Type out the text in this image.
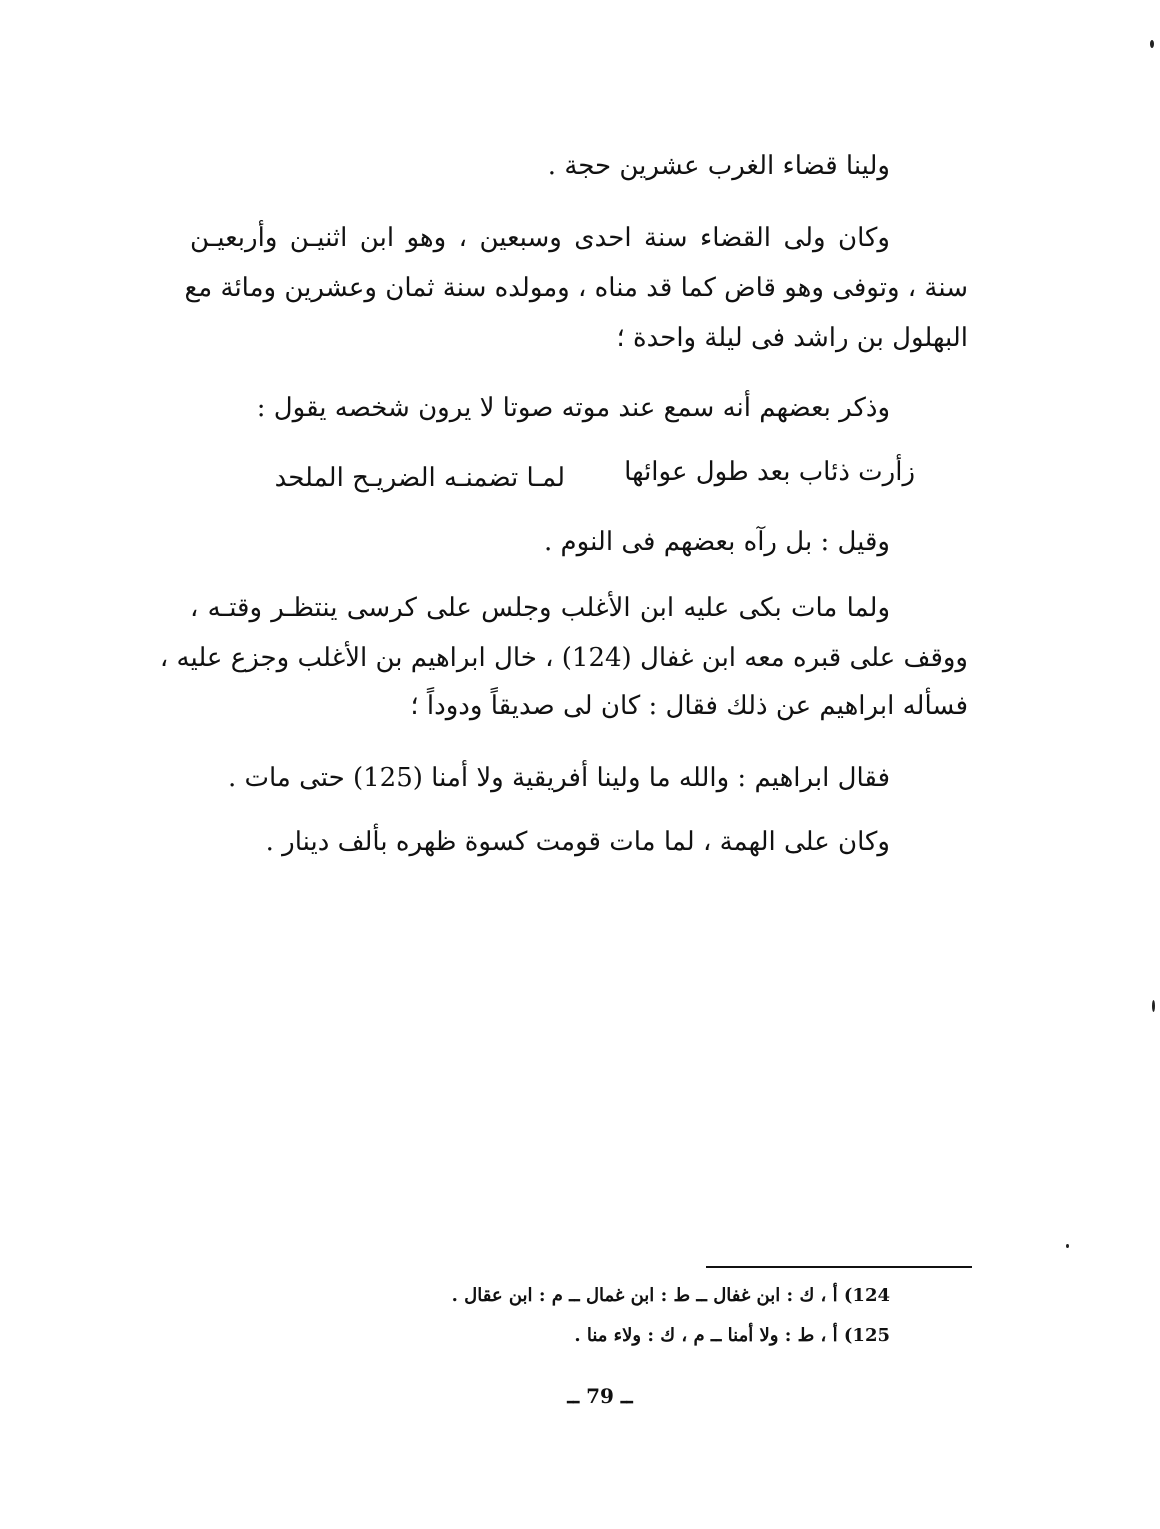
ولينا قضاء الغرب عشرين حجة .
وكان ولى القضاء سنة احدى وسبعين ، وهو ابن اثنيـن وأربعيـن
سنة ، وتوفى وهو قاض كما قد مناه ، ومولده سنة ثمان وعشرين ومائة مع
البهلول بن راشد فى ليلة واحدة ؛
وذكر بعضهم أنه سمع عند موته صوتا لا يرون شخصه يقول :
زأرت ذئاب بعد طول عوائها
لمـا تضمنـه الضريـح الملحد
وقيل : بل رآه بعضهم فى النوم .
ولما مات بكى عليه ابن الأغلب وجلس على كرسى ينتظـر وقتـه ،
ووقف على قبره معه ابن غفال (124) ، خال ابراهيم بن الأغلب وجزع عليه ،
فسأله ابراهيم عن ذلك فقال : كان لى صديقاً ودوداً ؛
فقال ابراهيم : والله ما ولينا أفريقية ولا أمنا (125) حتى مات .
وكان على الهمة ، لما مات قومت كسوة ظهره بألف دينار .
124) أ ، ك : ابن غفال ــ ط : ابن غمال ــ م : ابن عقال .
125) أ ، ط : ولا أمنا ــ م ، ك : ولاء منا .
ــ 79 ــ
